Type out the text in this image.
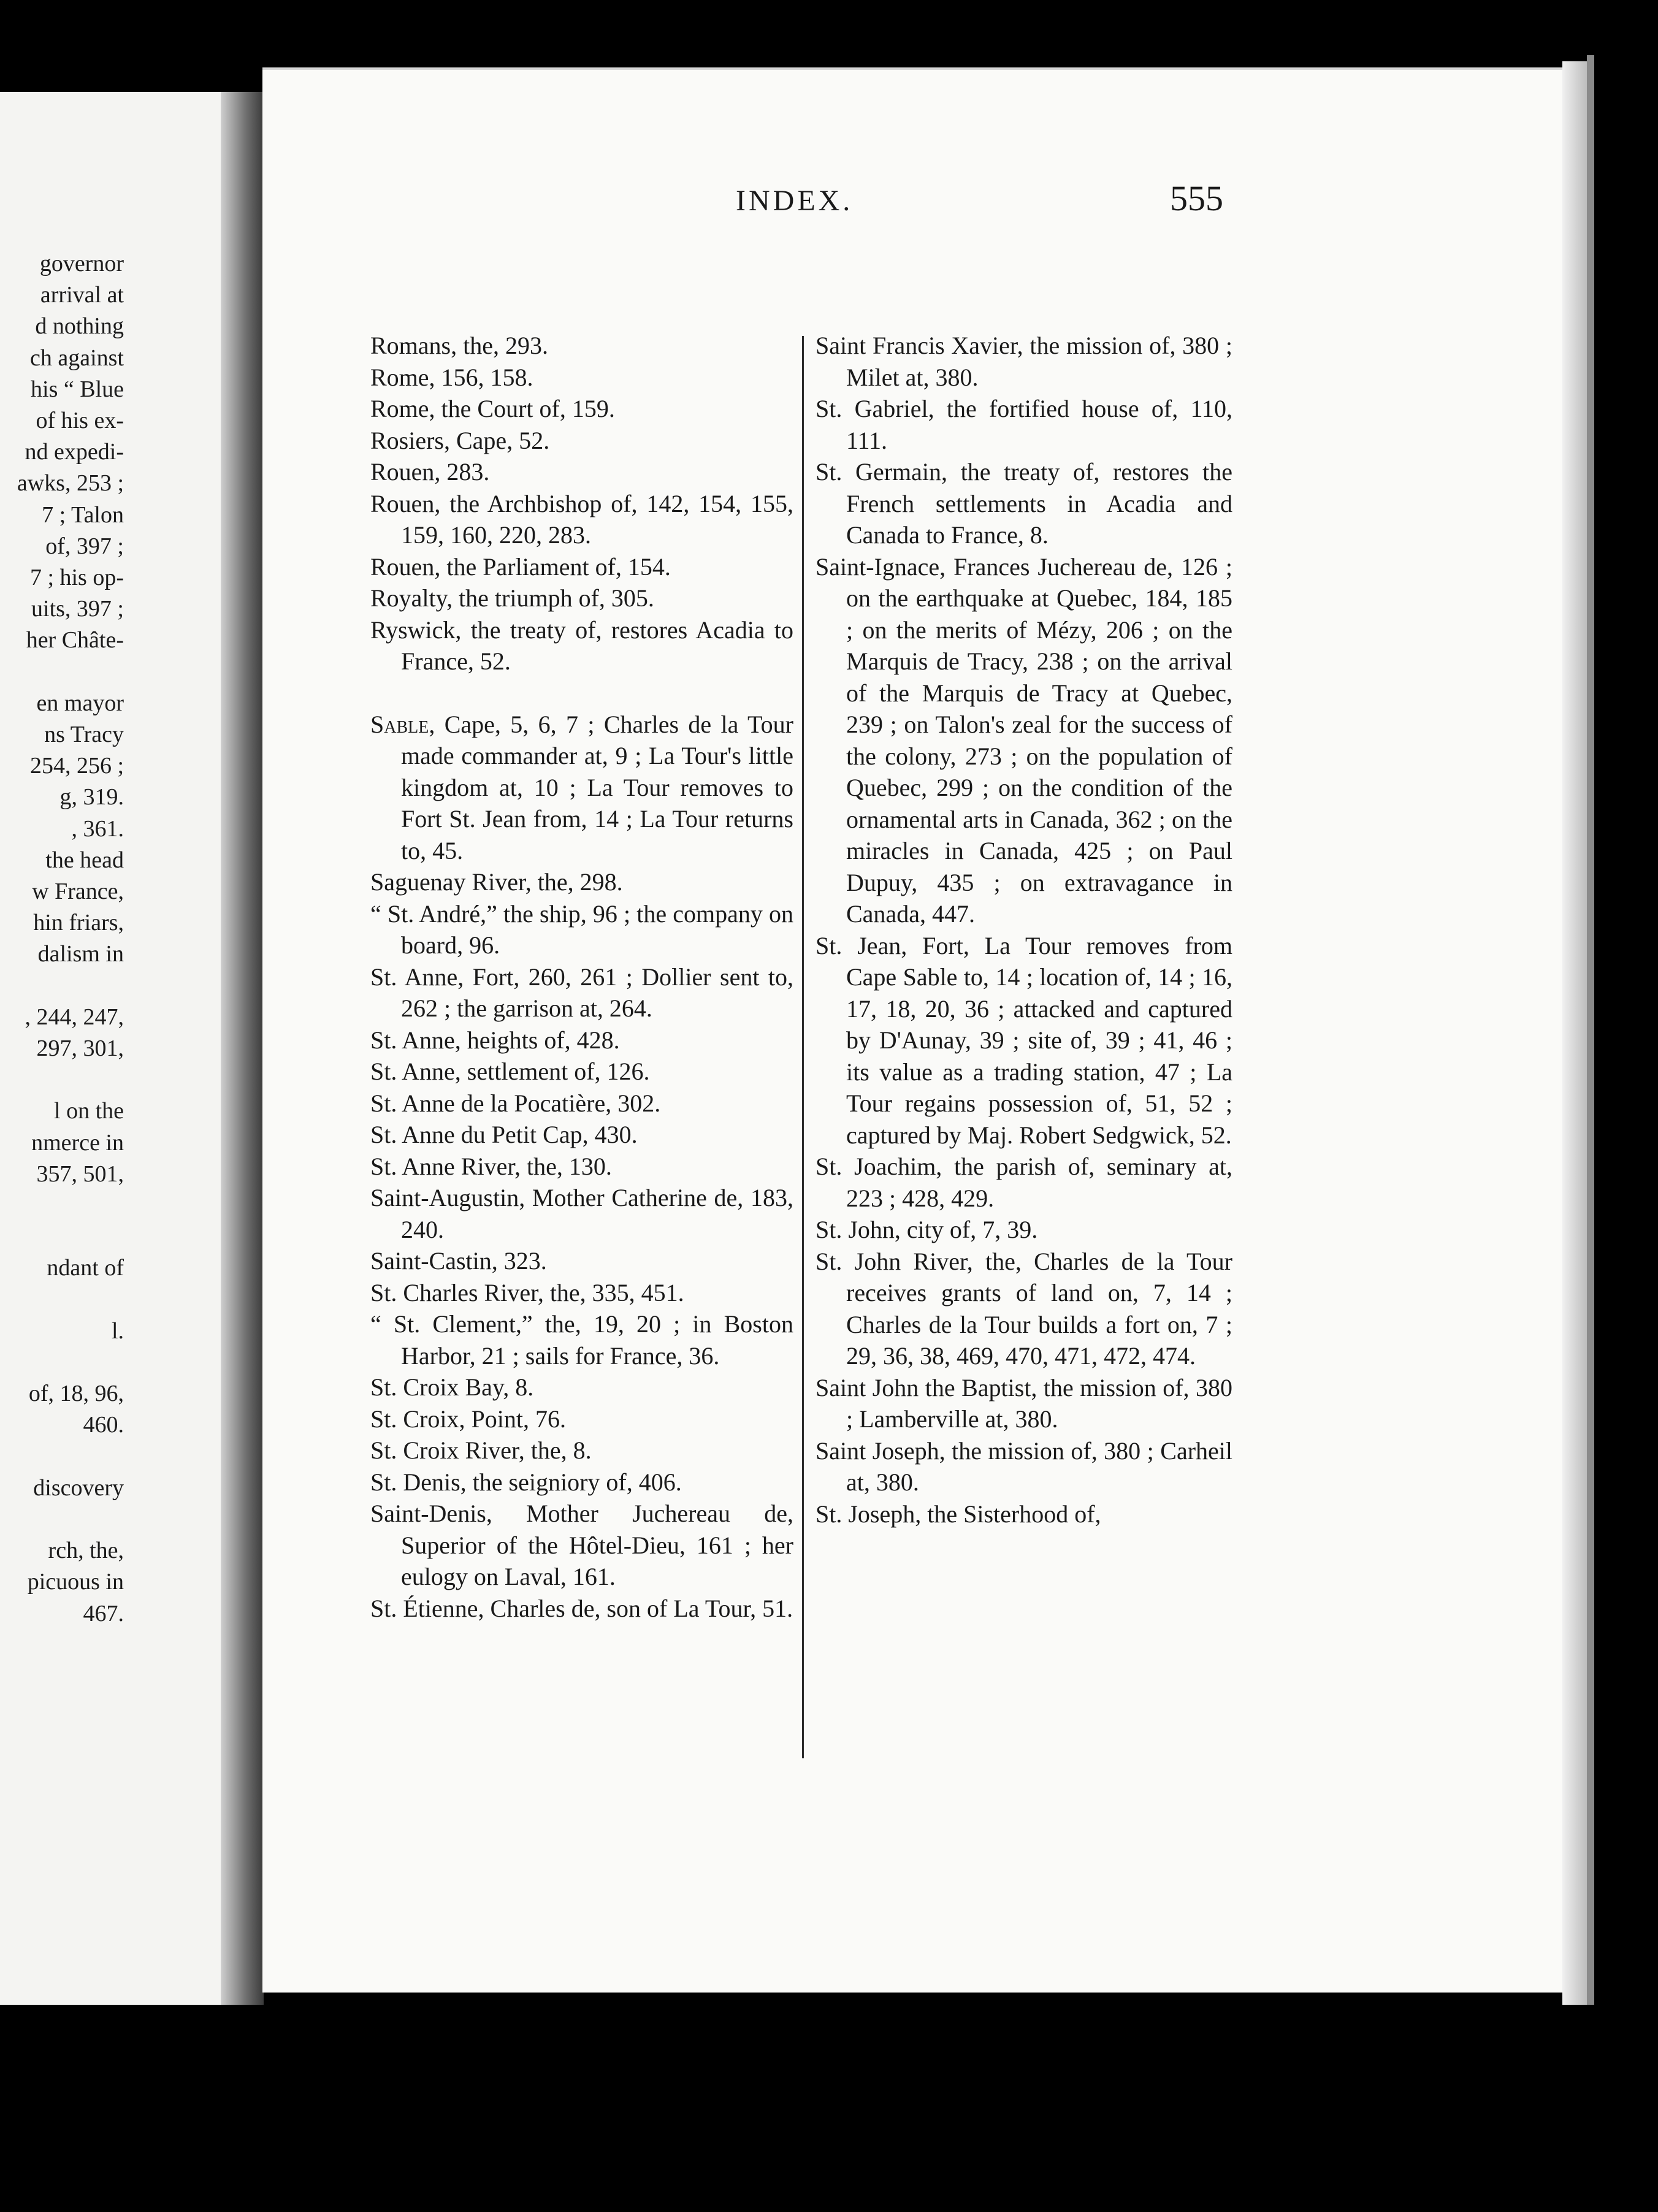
governor
arrival at
d nothing
ch against
his “ Blue
of his ex-
nd expedi-
awks, 253 ;
7 ; Talon
of, 397 ;
7 ; his op-
uits, 397 ;
her Châte-
en mayor
ns Tracy
254, 256 ;
g, 319.
, 361.
the head
w France,
hin friars,
dalism in
, 244, 247,
297, 301,
l on the
nmerce in
357, 501,
ndant of
l.
of, 18, 96,
460.
discovery
rch, the,
picuous in
467.
INDEX.	555
Romans, the, 293.
Rome, 156, 158.
Rome, the Court of, 159.
Rosiers, Cape, 52.
Rouen, 283.
Rouen, the Archbishop of, 142, 154, 155, 159, 160, 220, 283.
Rouen, the Parliament of, 154.
Royalty, the triumph of, 305.
Ryswick, the treaty of, restores Acadia to France, 52.
Sable, Cape, 5, 6, 7 ; Charles de la Tour made commander at, 9 ; La Tour's little kingdom at, 10 ; La Tour removes to Fort St. Jean from, 14 ; La Tour returns to, 45.
Saguenay River, the, 298.
“ St. André,” the ship, 96 ; the company on board, 96.
St. Anne, Fort, 260, 261 ; Dollier sent to, 262 ; the garrison at, 264.
St. Anne, heights of, 428.
St. Anne, settlement of, 126.
St. Anne de la Pocatière, 302.
St. Anne du Petit Cap, 430.
St. Anne River, the, 130.
Saint-Augustin, Mother Catherine de, 183, 240.
Saint-Castin, 323.
St. Charles River, the, 335, 451.
“ St. Clement,” the, 19, 20 ; in Boston Harbor, 21 ; sails for France, 36.
St. Croix Bay, 8.
St. Croix, Point, 76.
St. Croix River, the, 8.
St. Denis, the seigniory of, 406.
Saint-Denis, Mother Juchereau de, Superior of the Hôtel-Dieu, 161 ; her eulogy on Laval, 161.
St. Étienne, Charles de, son of La Tour, 51.
Saint Francis Xavier, the mission of, 380 ; Milet at, 380.
St. Gabriel, the fortified house of, 110, 111.
St. Germain, the treaty of, restores the French settlements in Acadia and Canada to France, 8.
Saint-Ignace, Frances Juchereau de, 126 ; on the earthquake at Quebec, 184, 185 ; on the merits of Mézy, 206 ; on the Marquis de Tracy, 238 ; on the arrival of the Marquis de Tracy at Quebec, 239 ; on Talon's zeal for the success of the colony, 273 ; on the population of Quebec, 299 ; on the condition of the ornamental arts in Canada, 362 ; on the miracles in Canada, 425 ; on Paul Dupuy, 435 ; on extravagance in Canada, 447.
St. Jean, Fort, La Tour removes from Cape Sable to, 14 ; location of, 14 ; 16, 17, 18, 20, 36 ; attacked and captured by D'Aunay, 39 ; site of, 39 ; 41, 46 ; its value as a trading station, 47 ; La Tour regains possession of, 51, 52 ; captured by Maj. Robert Sedgwick, 52.
St. Joachim, the parish of, seminary at, 223 ; 428, 429.
St. John, city of, 7, 39.
St. John River, the, Charles de la Tour receives grants of land on, 7, 14 ; Charles de la Tour builds a fort on, 7 ; 29, 36, 38, 469, 470, 471, 472, 474.
Saint John the Baptist, the mission of, 380 ; Lamberville at, 380.
Saint Joseph, the mission of, 380 ; Carheil at, 380.
St. Joseph, the Sisterhood of,
